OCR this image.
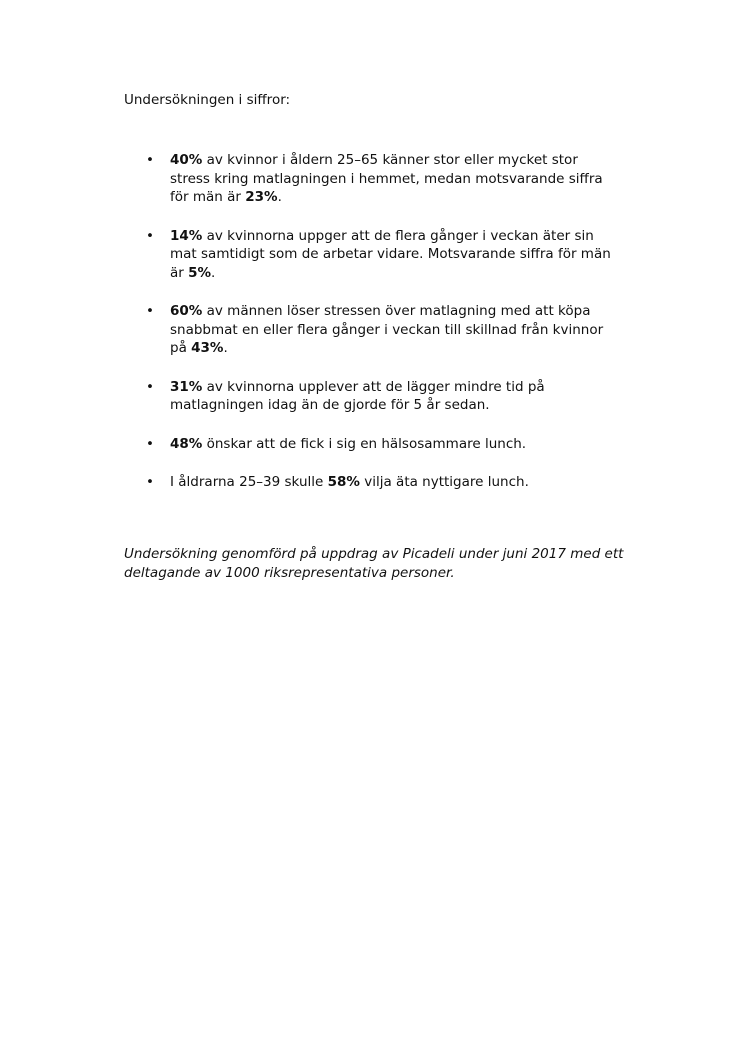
Undersökningen i siffror:

• 40% av kvinnor i åldern 25–65 känner stor eller mycket stor stress kring matlagningen i hemmet, medan motsvarande siffra för män är 23%.
• 14% av kvinnorna uppger att de flera gånger i veckan äter sin mat samtidigt som de arbetar vidare. Motsvarande siffra för män är 5%.
• 60% av männen löser stressen över matlagning med att köpa snabbmat en eller flera gånger i veckan till skillnad från kvinnor på 43%.
• 31% av kvinnorna upplever att de lägger mindre tid på matlagningen idag än de gjorde för 5 år sedan.
• 48% önskar att de fick i sig en hälsosammare lunch.
• I åldrarna 25–39 skulle 58% vilja äta nyttigare lunch.

Undersökning genomförd på uppdrag av Picadeli under juni 2017 med ett deltagande av 1000 riksrepresentativa personer.
